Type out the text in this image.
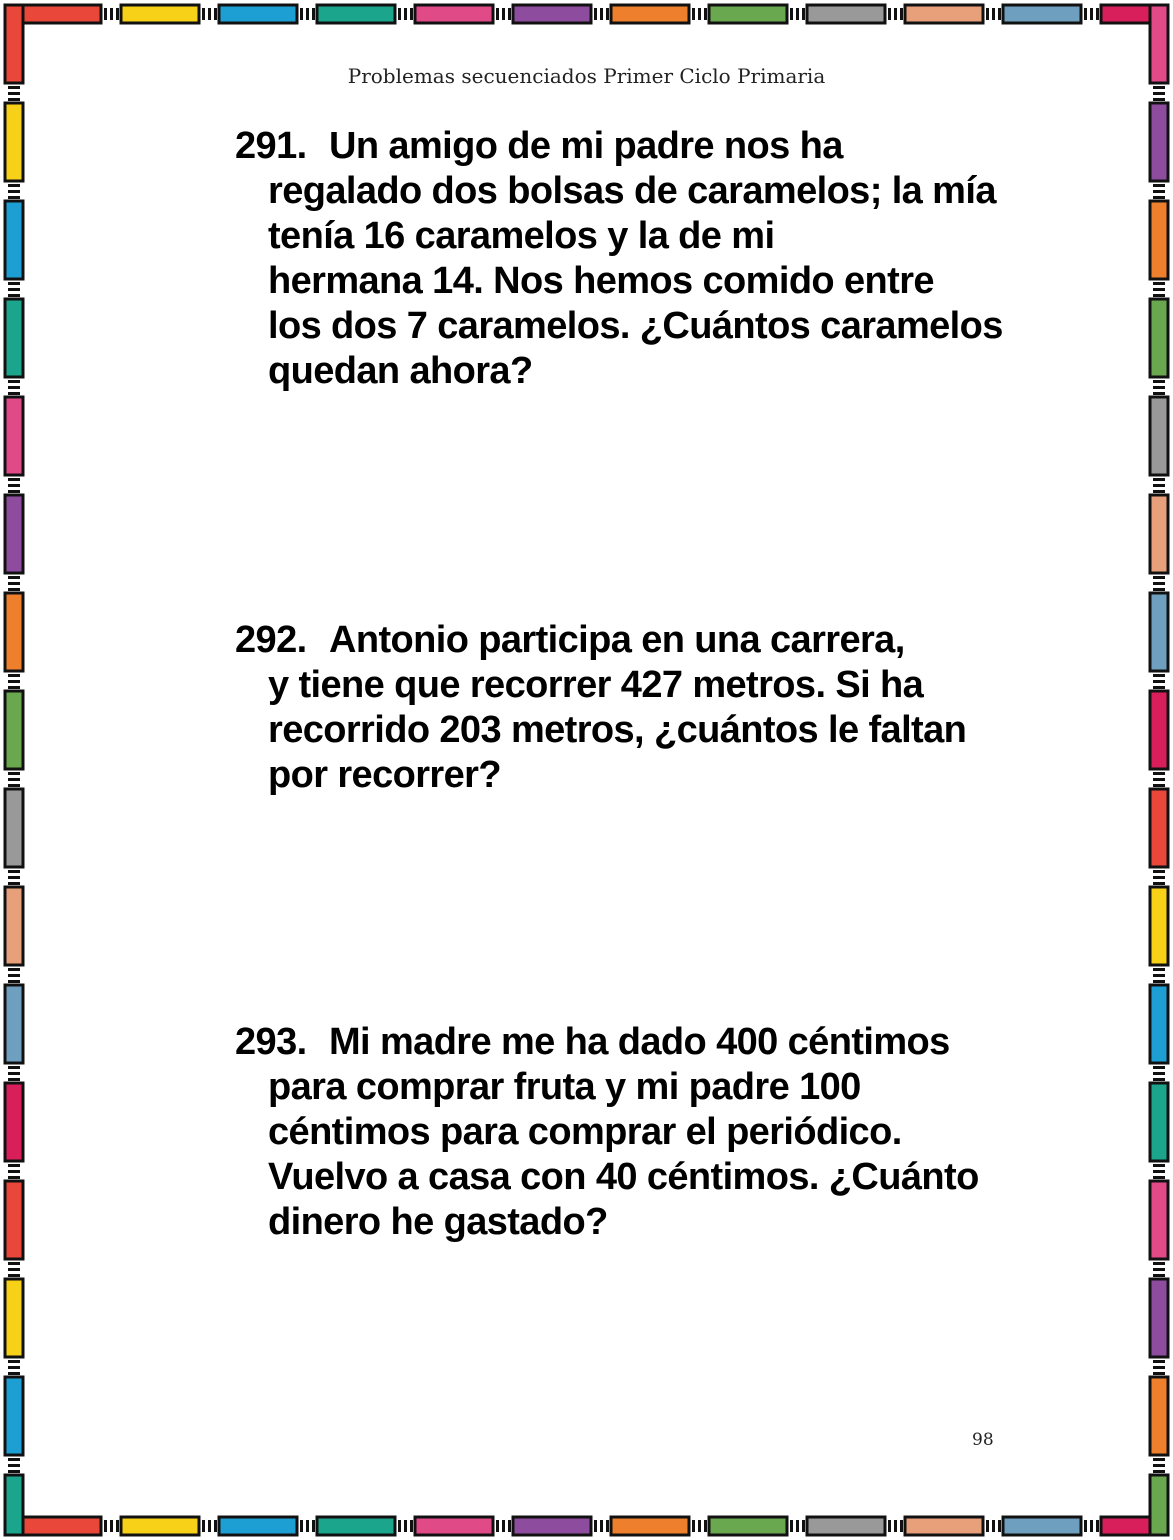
Problemas secuenciados Primer Ciclo Primaria
291. Un amigo de mi padre nos ha
regalado dos bolsas de caramelos; la mía
tenía 16 caramelos y la de mi
hermana 14. Nos hemos comido entre
los dos 7 caramelos. ¿Cuántos caramelos
quedan ahora?
292. Antonio participa en una carrera,
y tiene que recorrer 427 metros. Si ha
recorrido 203 metros, ¿cuántos le faltan
por recorrer?
293. Mi madre me ha dado 400 céntimos
para comprar fruta y mi padre 100
céntimos para comprar el periódico.
Vuelvo a casa con 40 céntimos. ¿Cuánto
dinero he gastado?
98
